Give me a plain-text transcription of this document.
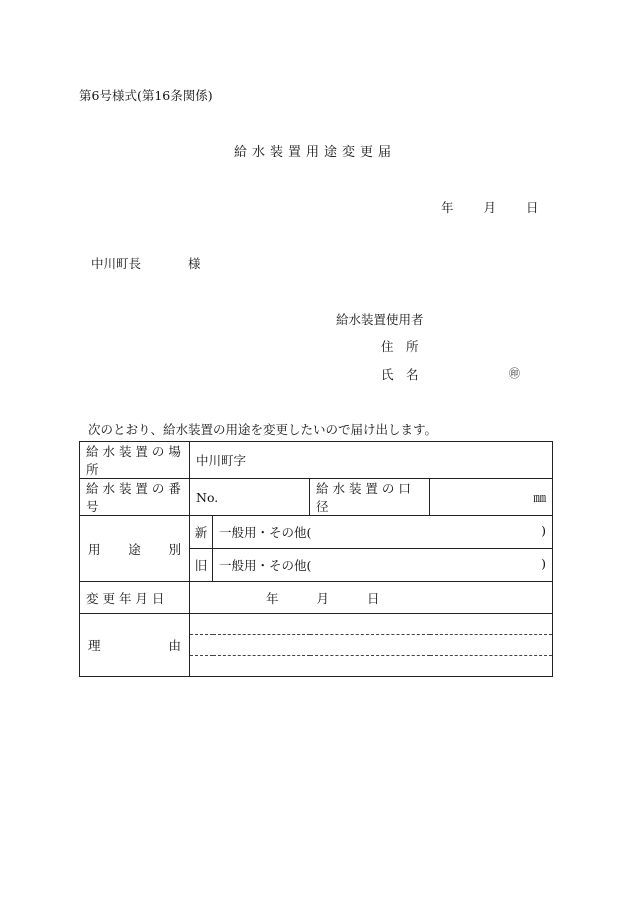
第6号様式(第16条関係)
給水装置用途変更届
年 月 日
中川町長	様
給水装置使用者
住　所
氏　名	㊞
次のとおり、給水装置の用途を変更したいので届け出します。
給 水 装 置 の 場 所	中川町字			
給 水 装 置 の 番 号	No.		給 水 装 置 の 口 径	㎜

用 途 別	新	一般用・その他( )		

	旧	一般用・その他( )		

変 更 年 月 日	年 月 日			

理 由				
